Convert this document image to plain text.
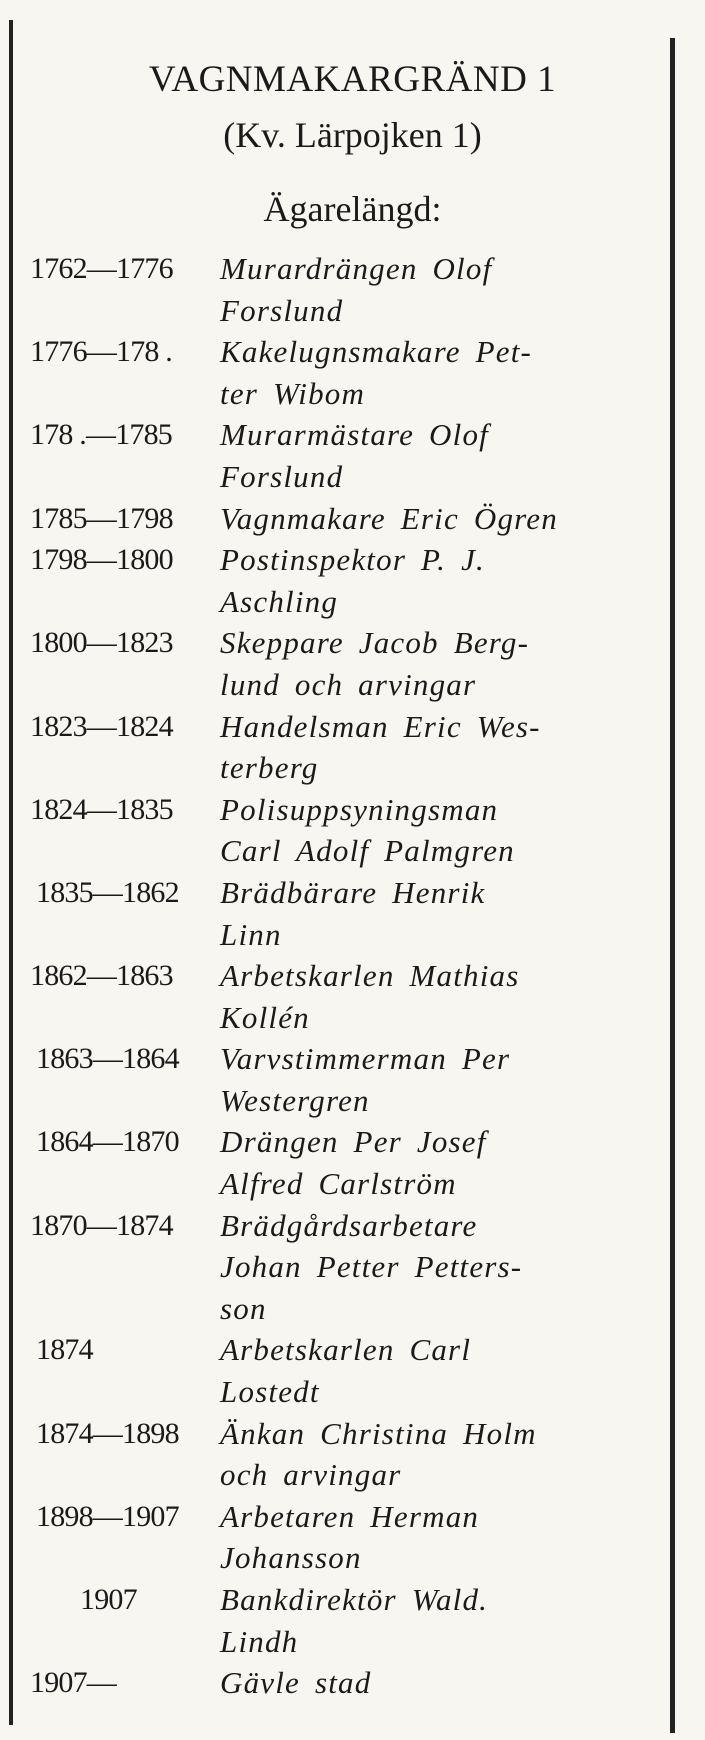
VAGNMAKARGRÄND 1
(Kv. Lärpojken 1)
Ägarelängd:
1762—1776	Murardrängen Olof
Forslund
1776—178 .	Kakelugnsmakare Pet-
ter Wibom
178 .—1785	Murarmästare Olof
Forslund
1785—1798	Vagnmakare Eric Ögren
1798—1800	Postinspektor P. J.
Aschling
1800—1823	Skeppare Jacob Berg-
lund och arvingar
1823—1824	Handelsman Eric Wes-
terberg
1824—1835	Polisuppsyningsman
Carl Adolf Palmgren
1835—1862	Brädbärare Henrik
Linn
1862—1863	Arbetskarlen Mathias
Kollén
1863—1864	Varvstimmerman Per
Westergren
1864—1870	Drängen Per Josef
Alfred Carlström
1870—1874	Brädgårdsarbetare
Johan Petter Petters-
son
1874	Arbetskarlen Carl
Lostedt
1874—1898	Änkan Christina Holm
och arvingar
1898—1907	Arbetaren Herman
Johansson
1907	Bankdirektör Wald.
Lindh
1907—	Gävle stad
